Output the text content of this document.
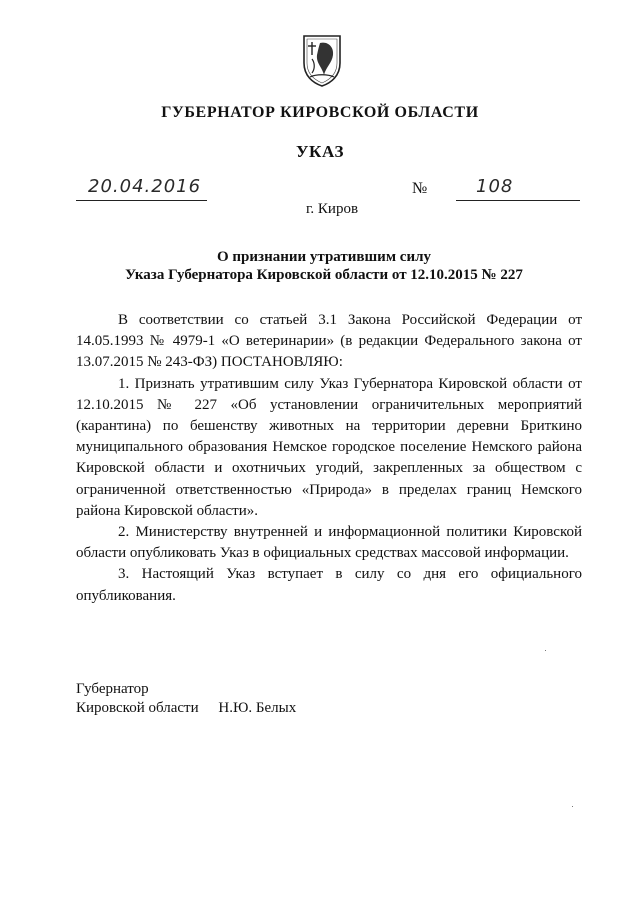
ГУБЕРНАТОР КИРОВСКОЙ ОБЛАСТИ
УКАЗ
20.04.2016	№	108
г. Киров
О признании утратившим силу
Указа Губернатора Кировской области от 12.10.2015 № 227

В соответствии со статьей 3.1 Закона Российской Федерации от 14.05.1993 № 4979-1 «О ветеринарии» (в редакции Федерального закона от 13.07.2015 № 243-ФЗ) ПОСТАНОВЛЯЮ:

1. Признать утратившим силу Указ Губернатора Кировской области от 12.10.2015 № 227 «Об установлении ограничительных мероприятий (карантина) по бешенству животных на территории деревни Бриткино муниципального образования Немское городское поселение Немского района Кировской области и охотничьих угодий, закрепленных за обществом с ограниченной ответственностью «Природа» в пределах границ Немского района Кировской области».

2. Министерству внутренней и информационной политики Кировской области опубликовать Указ в официальных средствах массовой информации.

3. Настоящий Указ вступает в силу со дня его официального опубликования.

Губернатор
Кировской области Н.Ю. Белых
